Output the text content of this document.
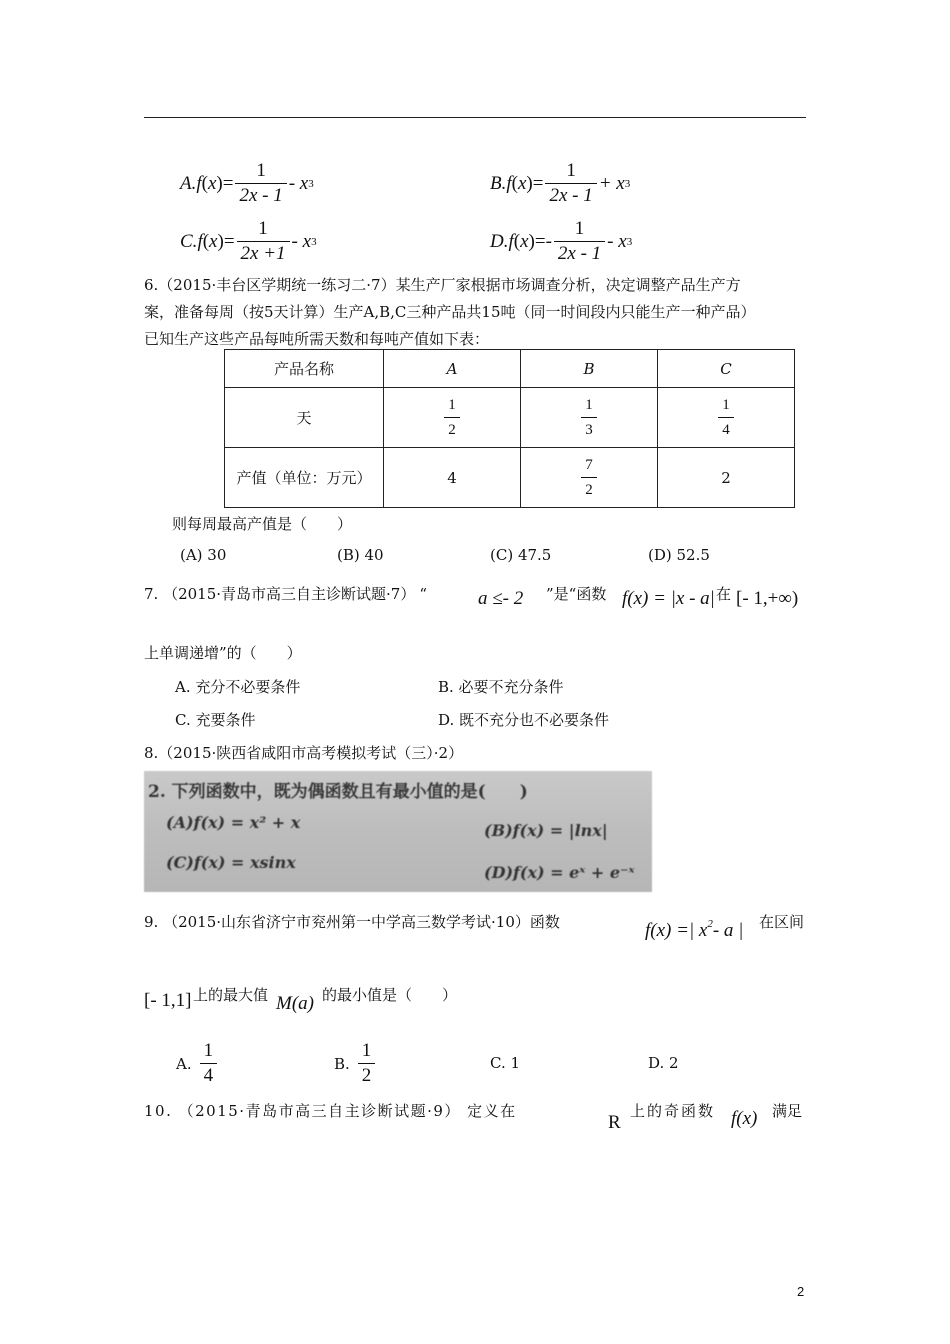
A. f ( x ) = $\frac{1}{2x - 1}$ - x 3	B. f ( x ) = $\frac{1}{2x - 1} + x$ 3
C. f ( x ) = $\frac{1}{2x +1}$ - x 3	D. f ( x ) =- $\frac{1}{2x - 1}$ - x 3
6.（2015·丰台区学期统一练习二·7）某生产厂家根据市场调查分析，决定调整产品生产方
案，准备每周（按5天计算）生产A,B,C三种产品共15吨（同一时间段内只能生产一种产品）
已知生产这些产品每吨所需天数和每吨产值如下表：
产品名称	A	B	C
天	$\frac{1}{2}$	$\frac{1}{3}$	$\frac{1}{4}$

产值（单位：万元）	4	$\frac{7}{2}$	2
则每周最高产值是（　　）
(A) 30	(B) 40	(C) 47.5	(D) 52.5
7. （2015·青岛市高三自主诊断试题·7） “	a ≤- 2 ”是“函数 f(x) = |x - a| 在 [- 1,+∞)
上单调递增”的（　　）
A. 充分不必要条件	B. 必要不充分条件
C. 充要条件	D. 既不充分也不必要条件
8.（2015·陕西省咸阳市高考模拟考试（三）·2）
2. 下列函数中，既为偶函数且有最小值的是(　　)
(A)f(x) = x² + x	(B)f(x) = |lnx|
(C)f(x) = xsinx
(D)f(x) = eˣ + e⁻ˣ
9. （2015·山东省济宁市兖州第一中学高三数学考试·10）函数	f(x) =| $x^2-$ a | 在区间
[- 1,1] 上的最大值 M(a) 的最小值是（　　）
A. $\frac{1}{4}$	B. $\frac{1}{2}$	C. 1	D. 2
10. （2015·青岛市高三自主诊断试题·9） 定义在
R
上的奇函数 f(x) 满足
2
